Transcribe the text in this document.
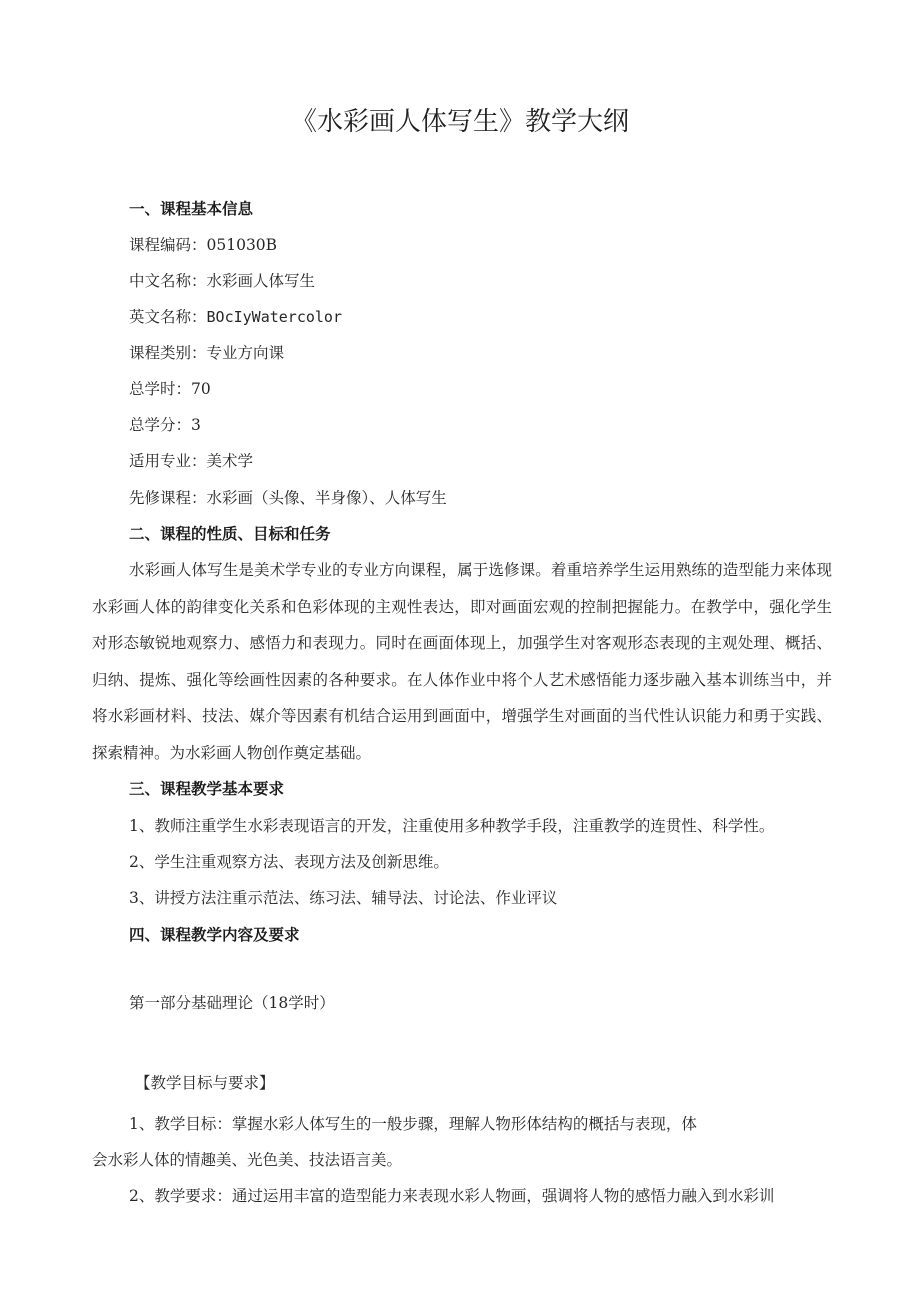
《水彩画人体写生》教学大纲
一、课程基本信息
课程编码：051030B
中文名称：水彩画人体写生
英文名称：BOcIyWatercolor
课程类别：专业方向课
总学时：70
总学分：3
适用专业：美术学
先修课程：水彩画（头像、半身像）、人体写生
二、课程的性质、目标和任务
水彩画人体写生是美术学专业的专业方向课程，属于选修课。着重培养学生运用熟练的造型能力来体现水彩画人体的韵律变化关系和色彩体现的主观性表达，即对画面宏观的控制把握能力。在教学中，强化学生对形态敏锐地观察力、感悟力和表现力。同时在画面体现上，加强学生对客观形态表现的主观处理、概括、归纳、提炼、强化等绘画性因素的各种要求。在人体作业中将个人艺术感悟能力逐步融入基本训练当中，并将水彩画材料、技法、媒介等因素有机结合运用到画面中，增强学生对画面的当代性认识能力和勇于实践、探索精神。为水彩画人物创作奠定基础。
三、课程教学基本要求
1、教师注重学生水彩表现语言的开发，注重使用多种教学手段，注重教学的连贯性、科学性。
2、学生注重观察方法、表现方法及创新思维。
3、讲授方法注重示范法、练习法、辅导法、讨论法、作业评议
四、课程教学内容及要求
第一部分基础理论（18学时）
【教学目标与要求】
1、教学目标：掌握水彩人体写生的一般步骤，理解人物形体结构的概括与表现，体
会水彩人体的情趣美、光色美、技法语言美。
2、教学要求：通过运用丰富的造型能力来表现水彩人物画，强调将人物的感悟力融入到水彩训
